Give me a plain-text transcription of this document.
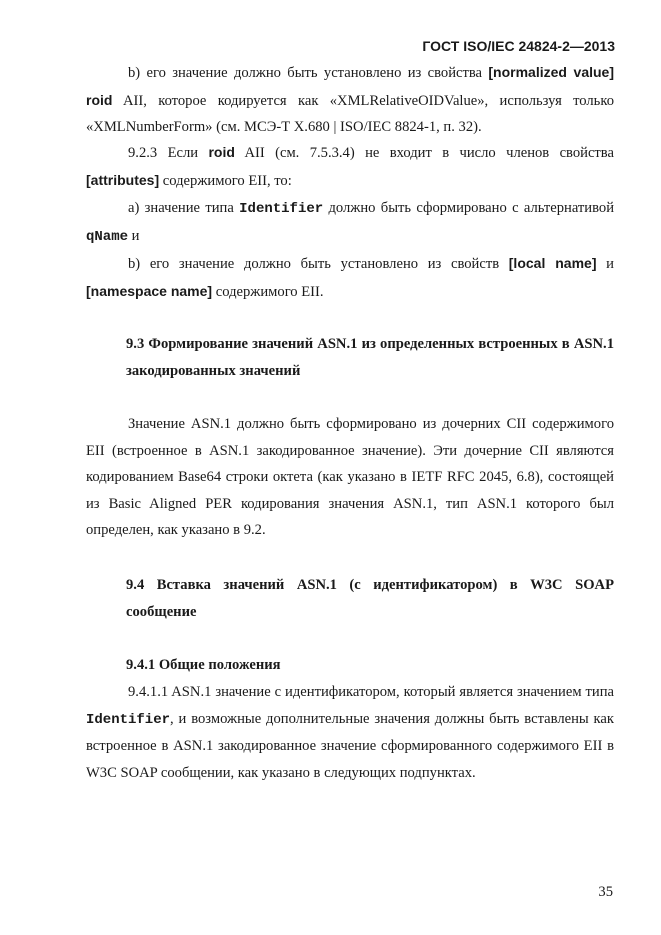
ГОСТ ISO/IEC 24824-2—2013
b) его значение должно быть установлено из свойства [normalized value] roid AII, которое кодируется как «XMLRelativeOIDValue», используя только «XMLNumberForm» (см. МСЭ-Т X.680 | ISO/IEC 8824-1, п. 32).
9.2.3 Если roid AII (см. 7.5.3.4) не входит в число членов свойства [attributes] содержимого EII, то:
a) значение типа Identifier должно быть сформировано с альтернативой qName и
b) его значение должно быть установлено из свойств [local name] и [namespace name] содержимого EII.
9.3 Формирование значений ASN.1 из определенных встроенных в ASN.1 закодированных значений
Значение ASN.1 должно быть сформировано из дочерних CII содержимого EII (встроенное в ASN.1 закодированное значение). Эти дочерние CII являются кодированием Base64 строки октета (как указано в IETF RFC 2045, 6.8), состоящей из Basic Aligned PER кодирования значения ASN.1, тип ASN.1 которого был определен, как указано в 9.2.
9.4 Вставка значений ASN.1 (с идентификатором) в W3C SOAP сообщение
9.4.1 Общие положения
9.4.1.1 ASN.1 значение с идентификатором, который является значением типа Identifier, и возможные дополнительные значения должны быть вставлены как встроенное в ASN.1 закодированное значение сформированного содержимого EII в W3C SOAP сообщении, как указано в следующих подпунктах.
35
